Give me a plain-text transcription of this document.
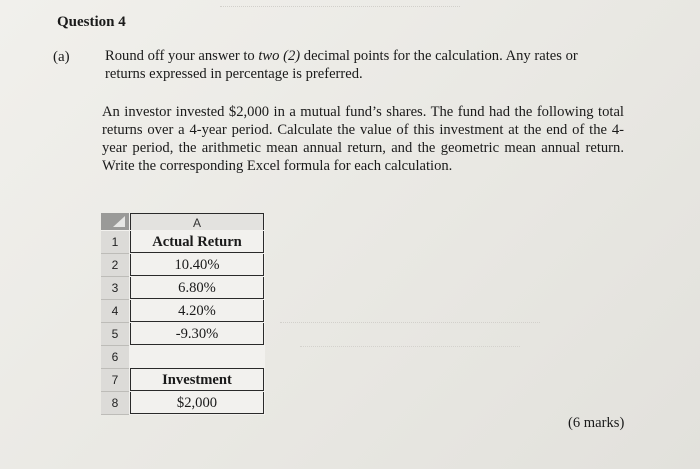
Question 4
(a) Round off your answer to two (2) decimal points for the calculation. Any rates or
returns expressed in percentage is preferred.
An investor invested $2,000 in a mutual fund’s shares. The fund had the following total returns over a 4-year period. Calculate the value of this investment at the end of the 4-year period, the arithmetic mean annual return, and the geometric mean annual return. Write the corresponding Excel formula for each calculation.
A
1	Actual Return
2	10.40%
3	6.80%
4	4.20%
5	-9.30%
6
7	Investment
8	$2,000
(6 marks)
